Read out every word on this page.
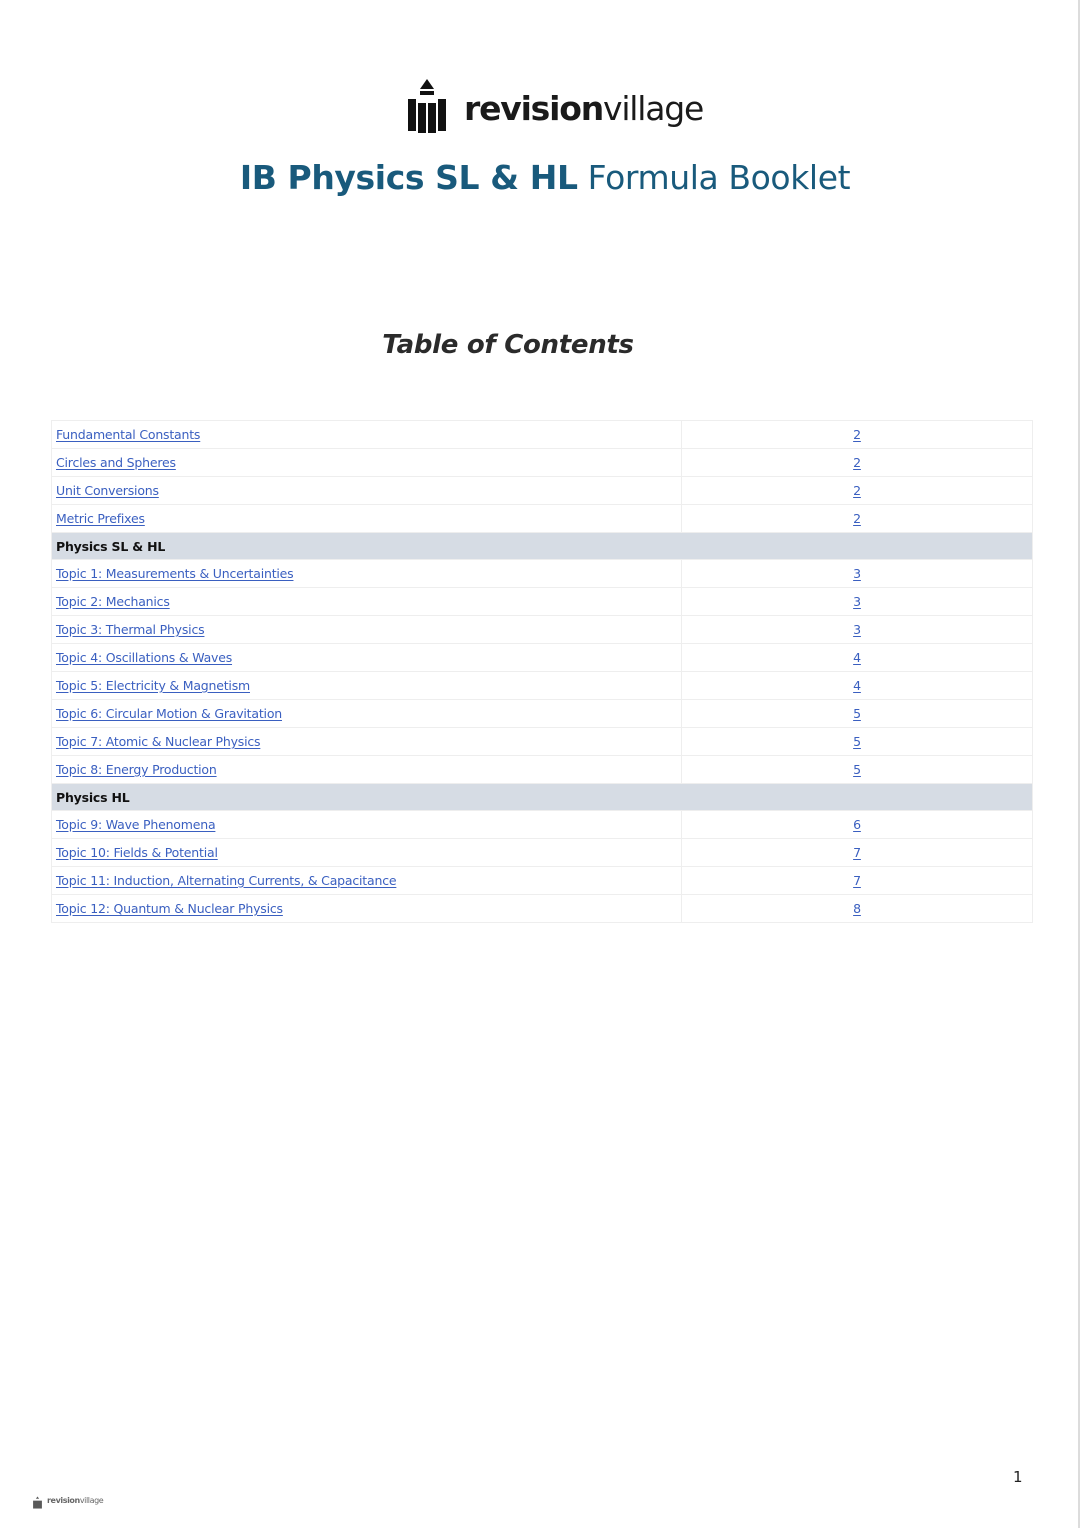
revisionvillage
IB Physics SL & HL Formula Booklet
Table of Contents
Fundamental Constants	2
Circles and Spheres	2
Unit Conversions	2
Metric Prefixes	2
Physics SL & HL	
Topic 1: Measurements & Uncertainties	3
Topic 2: Mechanics	3
Topic 3: Thermal Physics	3
Topic 4: Oscillations & Waves	4
Topic 5: Electricity & Magnetism	4
Topic 6: Circular Motion & Gravitation	5
Topic 7: Atomic & Nuclear Physics	5
Topic 8: Energy Production	5
Physics HL	
Topic 9: Wave Phenomena	6
Topic 10: Fields & Potential	7
Topic 11: Induction, Alternating Currents, & Capacitance	7
Topic 12: Quantum & Nuclear Physics	8
1
revisionvillage
